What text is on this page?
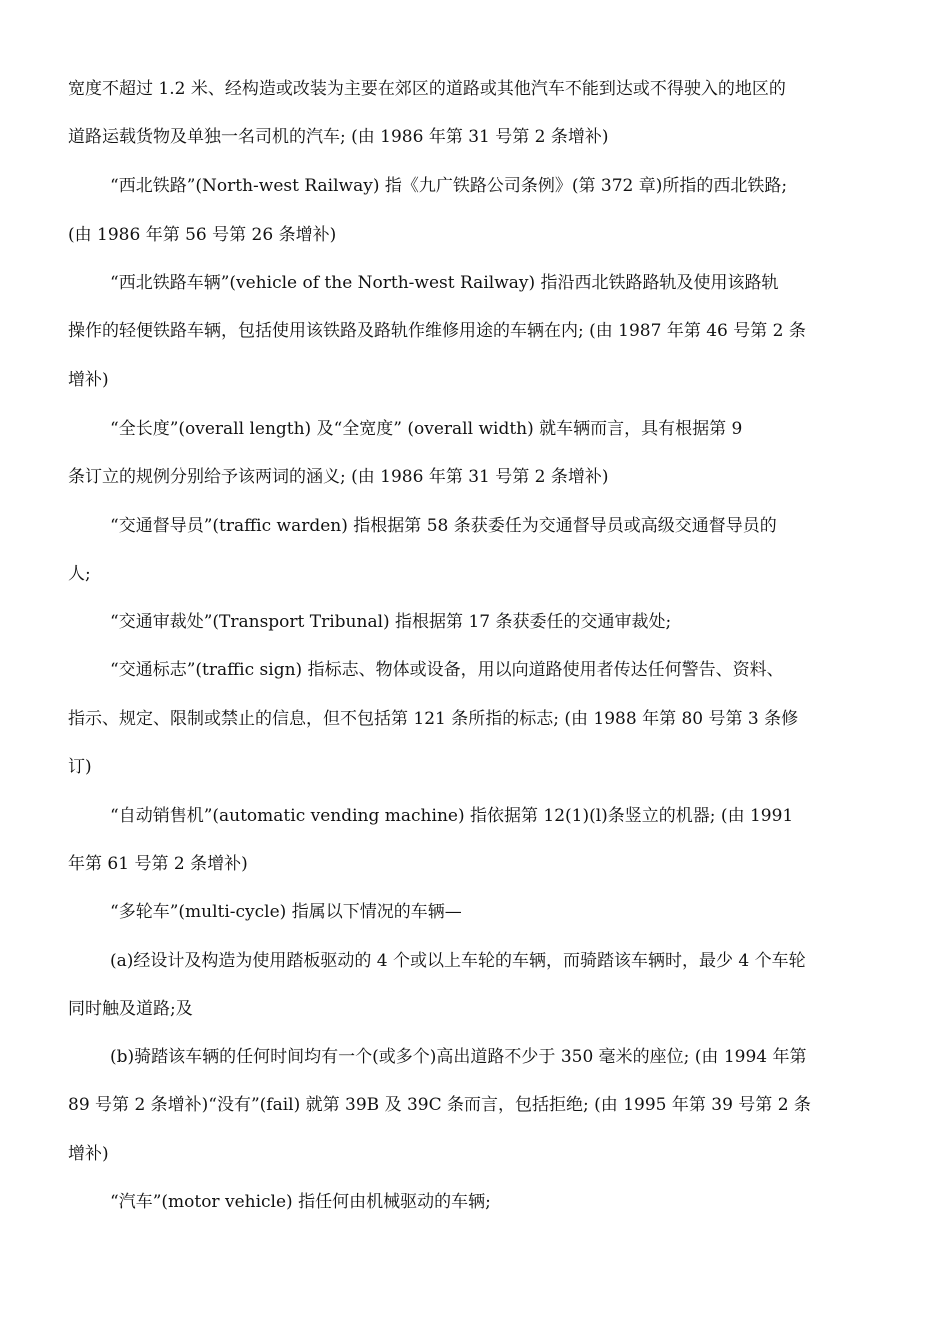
宽度不超过 1.2 米、经构造或改装为主要在郊区的道路或其他汽车不能到达或不得驶入的地区的
道路运载货物及单独一名司机的汽车; (由 1986 年第 31 号第 2 条增补)
“西北铁路”(North-west Railway) 指《九广铁路公司条例》(第 372 章)所指的西北铁路;
(由 1986 年第 56 号第 26 条增补)
“西北铁路车辆”(vehicle of the North-west Railway) 指沿西北铁路路轨及使用该路轨
操作的轻便铁路车辆，包括使用该铁路及路轨作维修用途的车辆在内; (由 1987 年第 46 号第 2 条
增补)
“全长度”(overall length) 及“全宽度” (overall width) 就车辆而言，具有根据第 9
条订立的规例分别给予该两词的涵义; (由 1986 年第 31 号第 2 条增补)
“交通督导员”(traffic warden) 指根据第 58 条获委任为交通督导员或高级交通督导员的
人;
“交通审裁处”(Transport Tribunal) 指根据第 17 条获委任的交通审裁处;
“交通标志”(traffic sign) 指标志、物体或设备，用以向道路使用者传达任何警告、资料、
指示、规定、限制或禁止的信息，但不包括第 121 条所指的标志; (由 1988 年第 80 号第 3 条修
订)
“自动销售机”(automatic vending machine) 指依据第 12(1)(l)条竖立的机器; (由 1991
年第 61 号第 2 条增补)
“多轮车”(multi-cycle) 指属以下情况的车辆—
(a)经设计及构造为使用踏板驱动的 4 个或以上车轮的车辆，而骑踏该车辆时，最少 4 个车轮
同时触及道路;及
(b)骑踏该车辆的任何时间均有一个(或多个)高出道路不少于 350 毫米的座位; (由 1994 年第
89 号第 2 条增补)“没有”(fail) 就第 39B 及 39C 条而言，包括拒绝; (由 1995 年第 39 号第 2 条
增补)
“汽车”(motor vehicle) 指任何由机械驱动的车辆;
